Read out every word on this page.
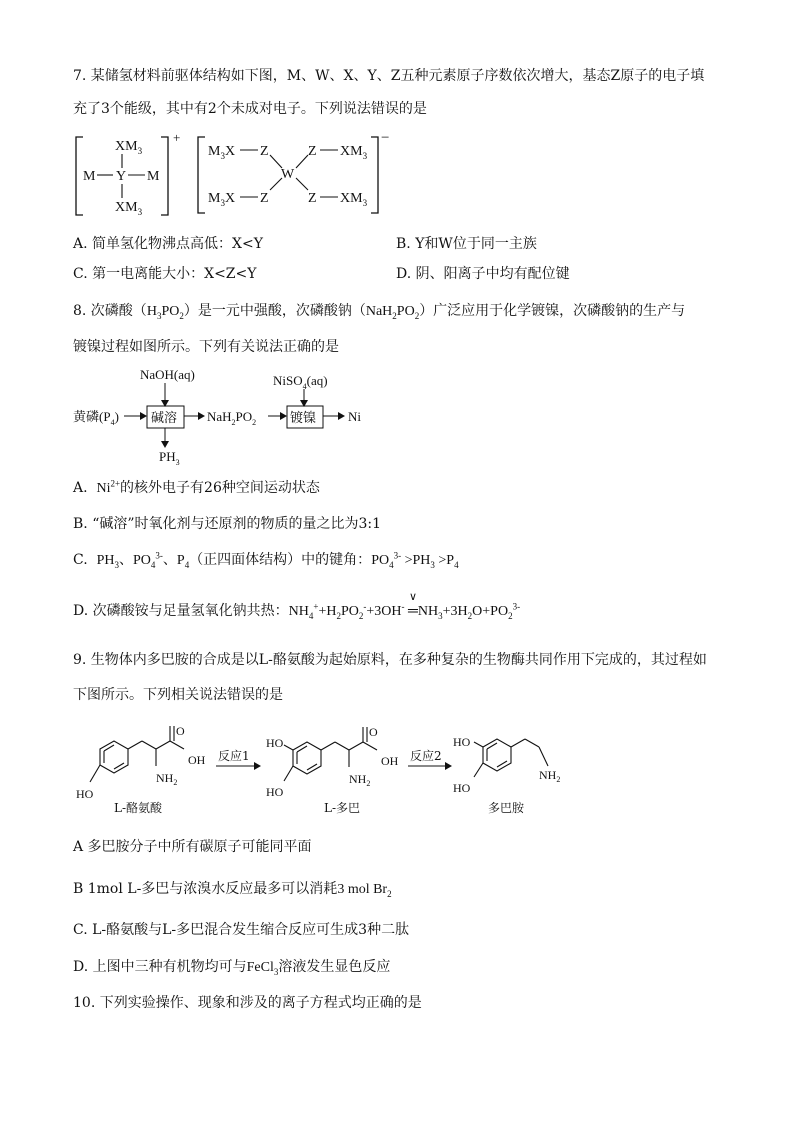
7. 某储氢材料前驱体结构如下图，M、W、X、Y、Z五种元素原子序数依次增大，基态Z原子的电子填
充了3个能级，其中有2个未成对电子。下列说法错误的是
+
$XM_3$
M Y M
$XM_3$
−
$M_3X$ Z
W
Z $XM_3$
$M_3X$ Z	Z $XM_3$
A. 简单氢化物沸点高低：X<Y	B. Y和W位于同一主族
C. 第一电离能大小：X<Z<Y	D. 阴、阳离子中均有配位键
8. 次磷酸$(H_3PO_2)$是一元中强酸，次磷酸钠$(NaH_2PO_2)$广泛应用于化学镀镍，次磷酸钠的生产与
镀镍过程如图所示。下列有关说法正确的是
NaOH(aq)	NiSO$_4$(aq)
黄磷$(P_4)$ 碱溶 $NaH_2PO_2$	镀镍 Ni
$PH_3$
A. $Ni^{2+}$的核外电子有26种空间运动状态
B. “碱溶”时氧化剂与还原剂的物质的量之比为3:1
C. $PH_3$、$PO_4^{3-}$、$P_4$（正四面体结构）中的键角：$PO_4^{3-} >PH_3 >P_4$
D. 次磷酸铵与足量氢氧化钠共热：$NH_4^++H_2PO_2^-+3OH^-$ ═
∨
$NH_3+3H_2O+PO_2^{3-}$
9. 生物体内多巴胺的合成是以L-酪氨酸为起始原料，在多种复杂的生物酶共同作用下完成的，其过程如
下图所示。下列相关说法错误的是
O
OH
$NH_2$
HO
L-酪氨酸
反应1
HO
O
OH
$NH_2$
HO
L-多巴
反应2
HO
$NH_2$
HO
多巴胺
A 多巴胺分子中所有碳原子可能同平面
B 1mol L-多巴与浓溴水反应最多可以消耗3 mol $Br_2$
C. L-酪氨酸与L-多巴混合发生缩合反应可生成3种二肽
D. 上图中三种有机物均可与FeCl$_3$溶液发生显色反应
10. 下列实验操作、现象和涉及的离子方程式均正确的是
